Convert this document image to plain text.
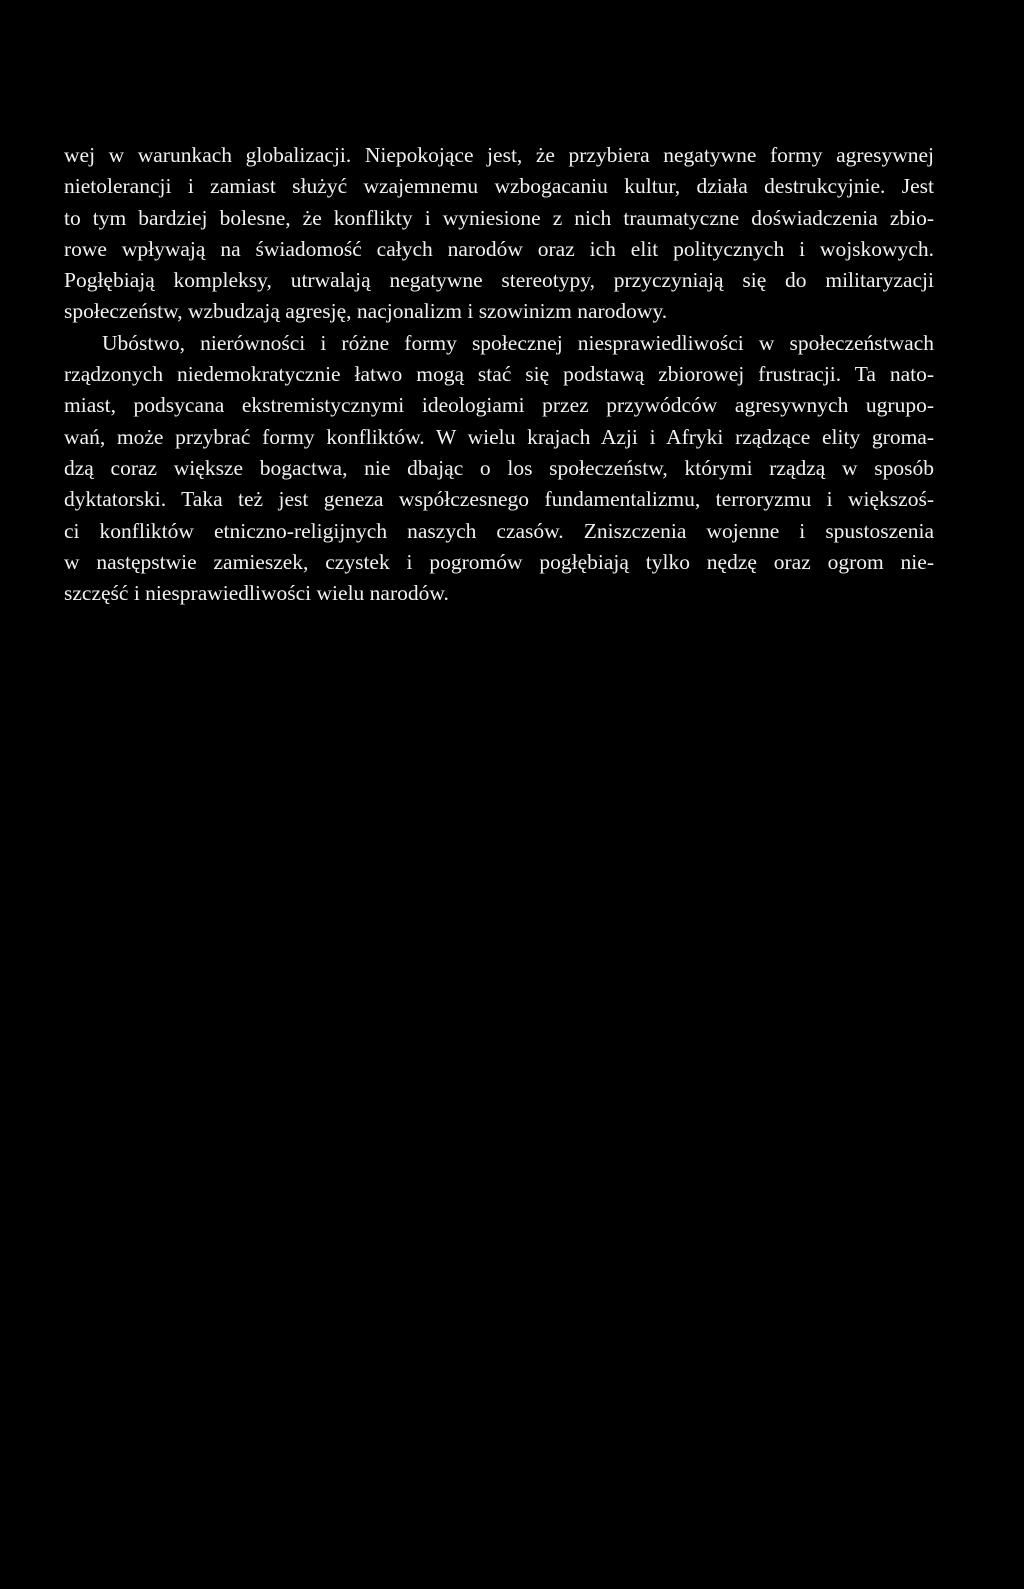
wej w warunkach globalizacji. Niepokojące jest, że przybiera negatywne formy agresywnej
nietolerancji i zamiast służyć wzajemnemu wzbogacaniu kultur, działa destrukcyjnie. Jest
to tym bardziej bolesne, że konflikty i wyniesione z nich traumatyczne doświadczenia zbio-
rowe wpływają na świadomość całych narodów oraz ich elit politycznych i wojskowych.
Pogłębiają kompleksy, utrwalają negatywne stereotypy, przyczyniają się do militaryzacji
społeczeństw, wzbudzają agresję, nacjonalizm i szowinizm narodowy.
Ubóstwo, nierówności i różne formy społecznej niesprawiedliwości w społeczeństwach
rządzonych niedemokratycznie łatwo mogą stać się podstawą zbiorowej frustracji. Ta nato-
miast, podsycana ekstremistycznymi ideologiami przez przywódców agresywnych ugrupo-
wań, może przybrać formy konfliktów. W wielu krajach Azji i Afryki rządzące elity groma-
dzą coraz większe bogactwa, nie dbając o los społeczeństw, którymi rządzą w sposób
dyktatorski. Taka też jest geneza współczesnego fundamentalizmu, terroryzmu i większoś-
ci konfliktów etniczno-religijnych naszych czasów. Zniszczenia wojenne i spustoszenia
w następstwie zamieszek, czystek i pogromów pogłębiają tylko nędzę oraz ogrom nie-
szczęść i niesprawiedliwości wielu narodów.
